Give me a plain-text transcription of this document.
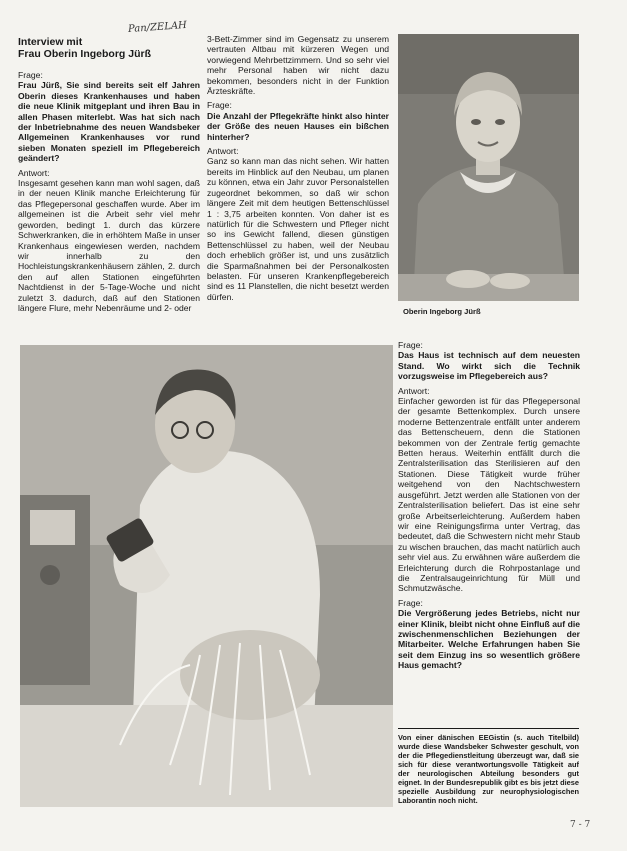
Pan/ZELAH
Interview mit
Frau Oberin Ingeborg Jürß

Frage:
Frau Jürß, Sie sind bereits seit elf Jahren Oberin dieses Krankenhauses und haben die neue Klinik mitgeplant und ihren Bau in allen Phasen miterlebt. Was hat sich nach der Inbetriebnahme des neuen Wandsbeker Allgemeinen Krankenhauses vor rund sieben Monaten speziell im Pflegebereich geändert?

Antwort:
Insgesamt gesehen kann man wohl sagen, daß in der neuen Klinik manche Erleichterung für das Pflegepersonal geschaffen wurde. Aber im allgemeinen ist die Arbeit sehr viel mehr geworden, bedingt 1. durch das kürzere Schwerkranken, die in erhöhtem Maße in unser Krankenhaus eingewiesen werden, nachdem wir innerhalb zu den Hochleistungskrankenhäusern zählen, 2. durch den auf allen Stationen eingeführten Nachtdienst in der 5-Tage-Woche und nicht zuletzt 3. dadurch, daß auf den Stationen längere Flure, mehr Nebenräume und 2- oder

3-Bett-Zimmer sind im Gegensatz zu unserem vertrauten Altbau mit kürzeren Wegen und vorwiegend Mehrbettzimmern. Und so sehr viel mehr Personal haben wir nicht dazu bekommen, besonders nicht in der Funktion Ärzteskräfte.

Frage:
Die Anzahl der Pflegekräfte hinkt also hinter der Größe des neuen Hauses ein bißchen hinterher?

Antwort:
Ganz so kann man das nicht sehen. Wir hatten bereits im Hinblick auf den Neubau, um planen zu können, etwa ein Jahr zuvor Personalstellen zugeordnet bekommen, so daß wir schon längere Zeit mit dem heutigen Bettenschlüssel 1 : 3,75 arbeiten konnten. Von daher ist es natürlich für die Schwestern und Pfleger nicht so ins Gewicht fallend, diesen günstigen Bettenschlüssel zu haben, weil der Neubau doch erheblich größer ist, und uns zusätzlich die Sparmaßnahmen bei der Personalkosten belasten. Für unseren Krankenpflegebereich sind es 11 Planstellen, die nicht besetzt werden dürfen.

Oberin Ingeborg Jürß

Frage:
Das Haus ist technisch auf dem neuesten Stand. Wo wirkt sich die Technik vorzugsweise im Pflegebereich aus?

Antwort:
Einfacher geworden ist für das Pflegepersonal der gesamte Bettenkomplex. Durch unsere moderne Bettenzentrale entfällt unter anderem das Bettenscheuern, denn die Stationen bekommen von der Zentrale fertig gemachte Betten heraus. Weiterhin entfällt durch die Zentralsterilisation das Sterilisieren auf den Stationen. Diese Tätigkeit wurde früher weitgehend von den Nachtschwestern ausgeführt. Jetzt werden alle Stationen von der Zentralsterilisation beliefert. Das ist eine sehr große Arbeitserleichterung. Außerdem haben wir eine Reinigungsfirma unter Vertrag, das bedeutet, daß die Schwestern nicht mehr Staub zu wischen brauchen, das macht natürlich auch sehr viel aus. Zu erwähnen wäre außerdem die Erleichterung durch die Rohrpostanlage und die Zentralsaugeinrichtung für Müll und Schmutzwäsche.

Frage:
Die Vergrößerung jedes Betriebs, nicht nur einer Klinik, bleibt nicht ohne Einfluß auf die zwischenmenschlichen Beziehungen der Mitarbeiter. Welche Erfahrungen haben Sie seit dem Einzug ins so wesentlich größere Haus gemacht?

Von einer dänischen EEGistin (s. auch Titelbild) wurde diese Wandsbeker Schwester geschult, von der die Pflegedienstleitung überzeugt war, daß sie sich für diese verantwortungsvolle Tätigkeit auf der neurologischen Abteilung besonders gut eignet. In der Bundesrepublik gibt es bis jetzt diese spezielle Ausbildung zur neurophysiologischen Laborantin noch nicht.
7 - 7
